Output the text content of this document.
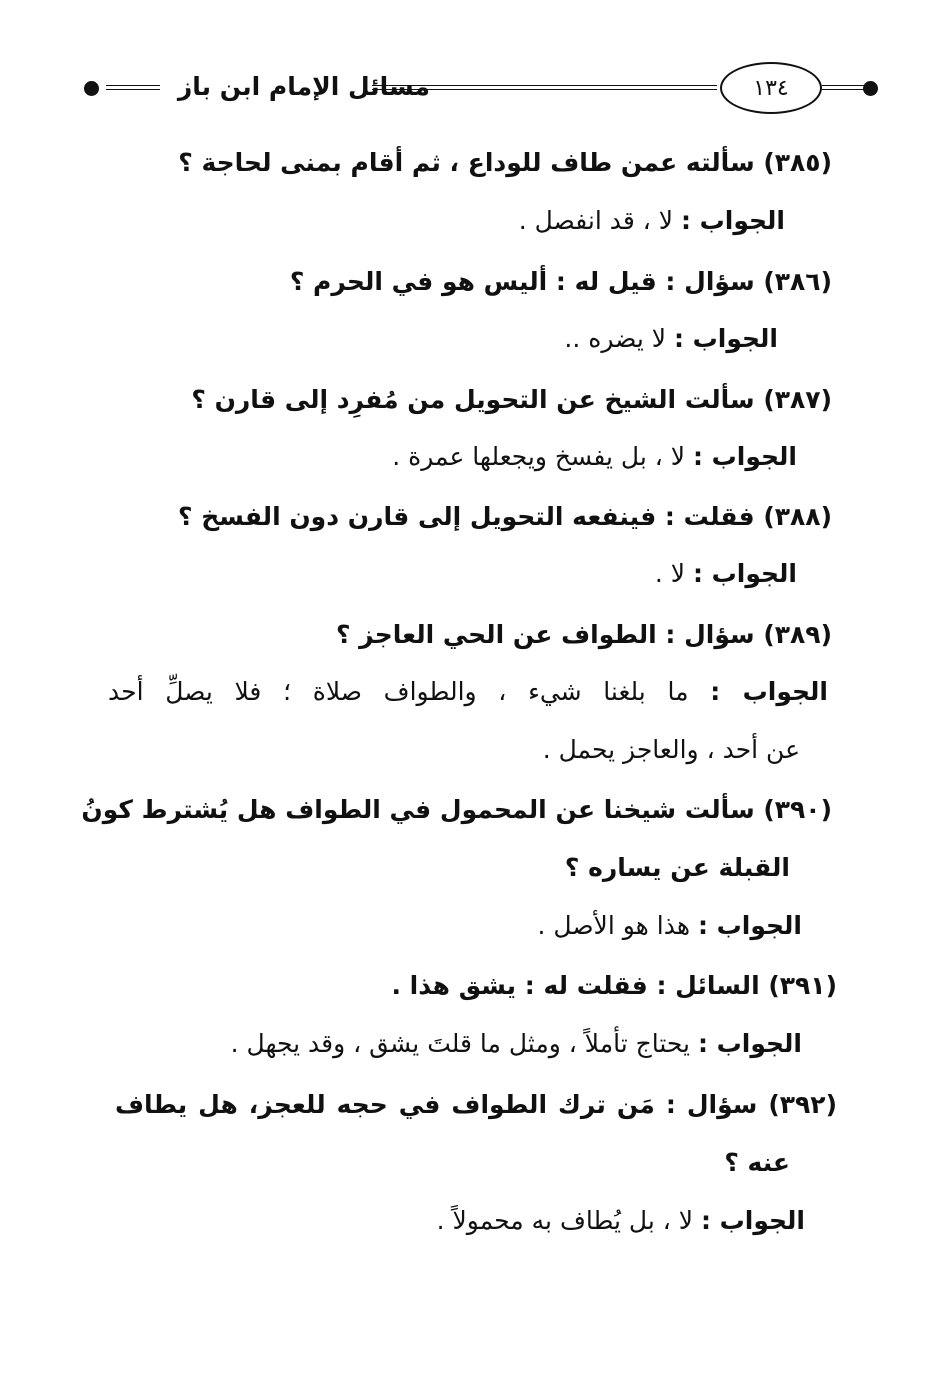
مسائل الإمام ابن باز	١٣٤
(٣٨٥) سألته عمن طاف للوداع ، ثم أقام بمنى لحاجة ؟
الجواب : لا ، قد انفصل .
(٣٨٦) سؤال : قيل له : أليس هو في الحرم ؟
الجواب : لا يضره ..
(٣٨٧) سألت الشيخ عن التحويل من مُفرِد إلى قارن ؟
الجواب : لا ، بل يفسخ ويجعلها عمرة .
(٣٨٨) فقلت : فينفعه التحويل إلى قارن دون الفسخ ؟
الجواب : لا .
(٣٨٩) سؤال : الطواف عن الحي العاجز ؟
الجواب : ما بلغنا شيء ، والطواف صلاة ؛ فلا يصلِّ أحد
عن أحد ، والعاجز يحمل .
(٣٩٠) سألت شيخنا عن المحمول في الطواف هل يُشترط كونُ
القبلة عن يساره ؟
الجواب : هذا هو الأصل .
(٣٩١) السائل : فقلت له : يشق هذا .
الجواب : يحتاج تأملاً ، ومثل ما قلتَ يشق ، وقد يجهل .
(٣٩٢) سؤال : مَن ترك الطواف في حجه للعجز، هل يطاف
عنه ؟
الجواب : لا ، بل يُطاف به محمولاً .
